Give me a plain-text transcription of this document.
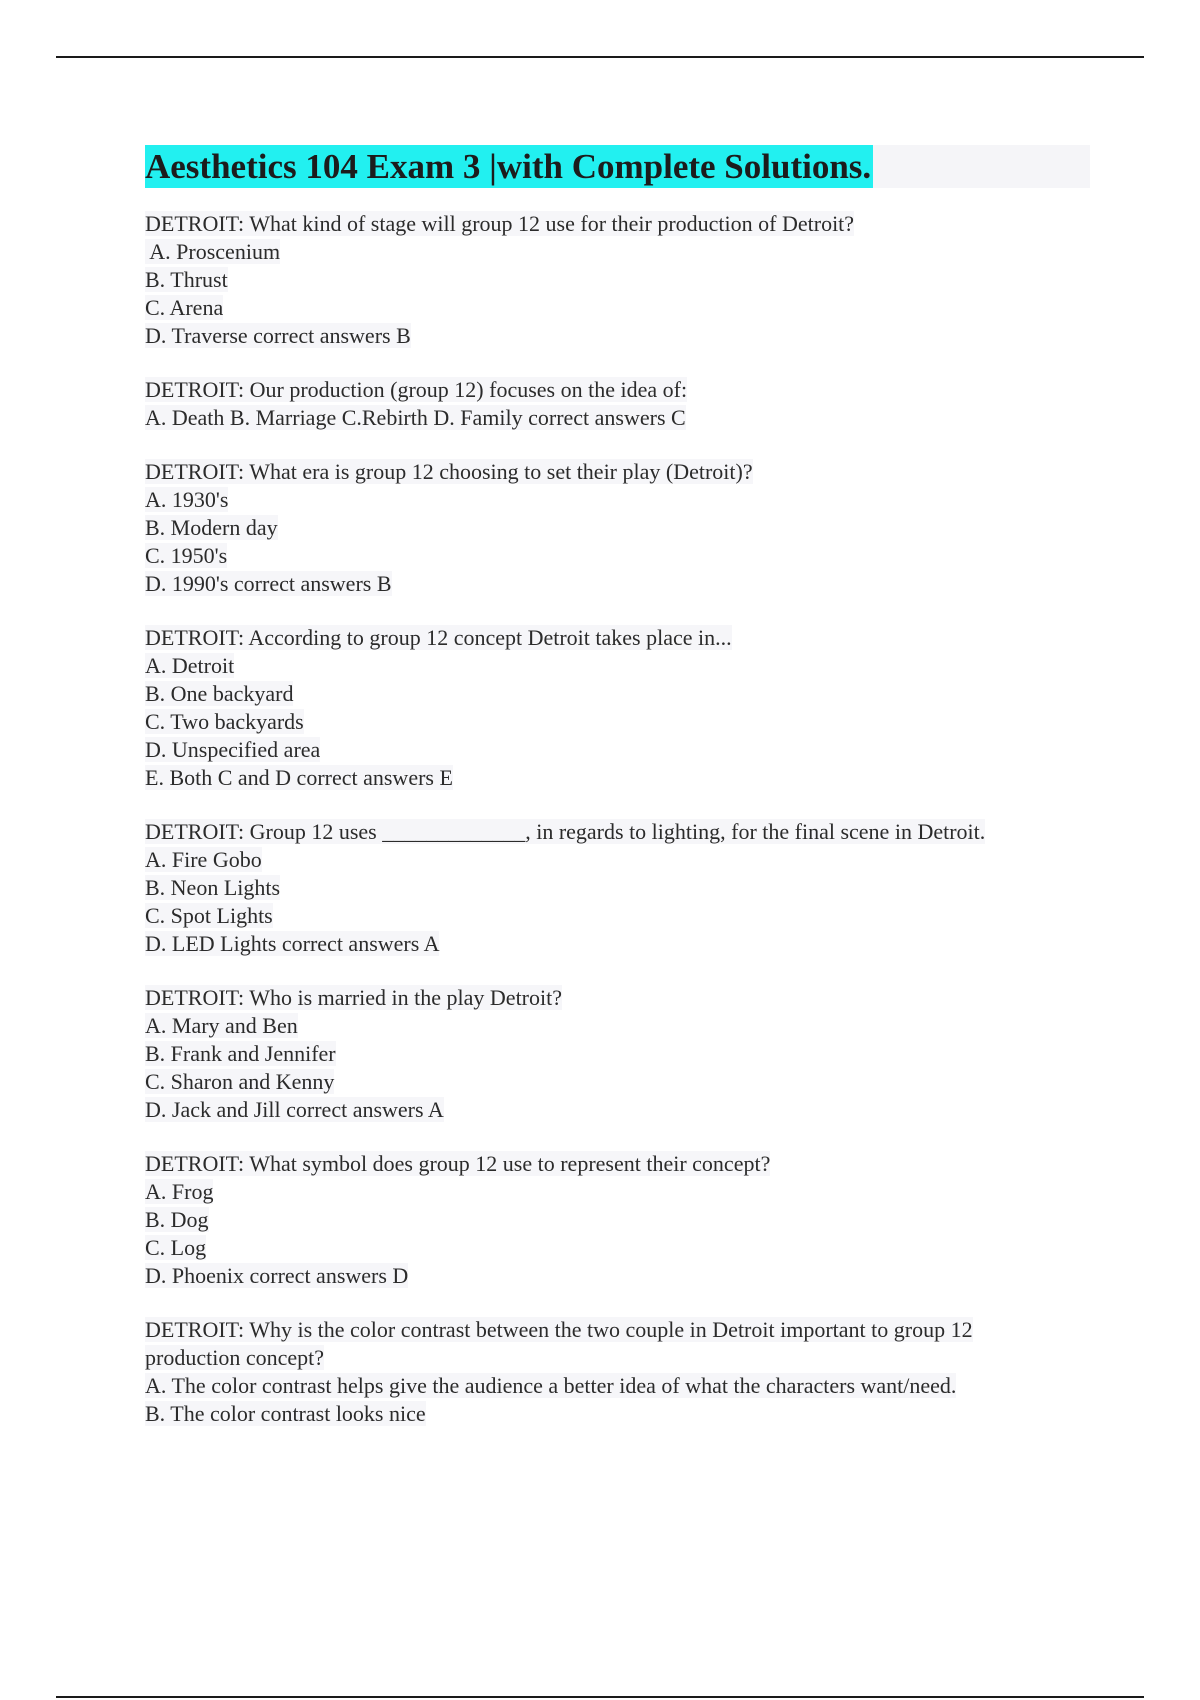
Aesthetics 104 Exam 3 |with Complete Solutions.
DETROIT: What kind of stage will group 12 use for their production of Detroit?
A. Proscenium
B. Thrust
C. Arena
D. Traverse correct answers B
DETROIT: Our production (group 12) focuses on the idea of:
A. Death B. Marriage C.Rebirth D. Family correct answers C
DETROIT: What era is group 12 choosing to set their play (Detroit)?
A. 1930's
B. Modern day
C. 1950's
D. 1990's correct answers B
DETROIT: According to group 12 concept Detroit takes place in...
A. Detroit
B. One backyard
C. Two backyards
D. Unspecified area
E. Both C and D correct answers E
DETROIT: Group 12 uses _____________, in regards to lighting, for the final scene in Detroit.
A. Fire Gobo
B. Neon Lights
C. Spot Lights
D. LED Lights correct answers A
DETROIT: Who is married in the play Detroit?
A. Mary and Ben
B. Frank and Jennifer
C. Sharon and Kenny
D. Jack and Jill correct answers A
DETROIT: What symbol does group 12 use to represent their concept?
A. Frog
B. Dog
C. Log
D. Phoenix correct answers D
DETROIT: Why is the color contrast between the two couple in Detroit important to group 12
production concept?
A. The color contrast helps give the audience a better idea of what the characters want/need.
B. The color contrast looks nice
